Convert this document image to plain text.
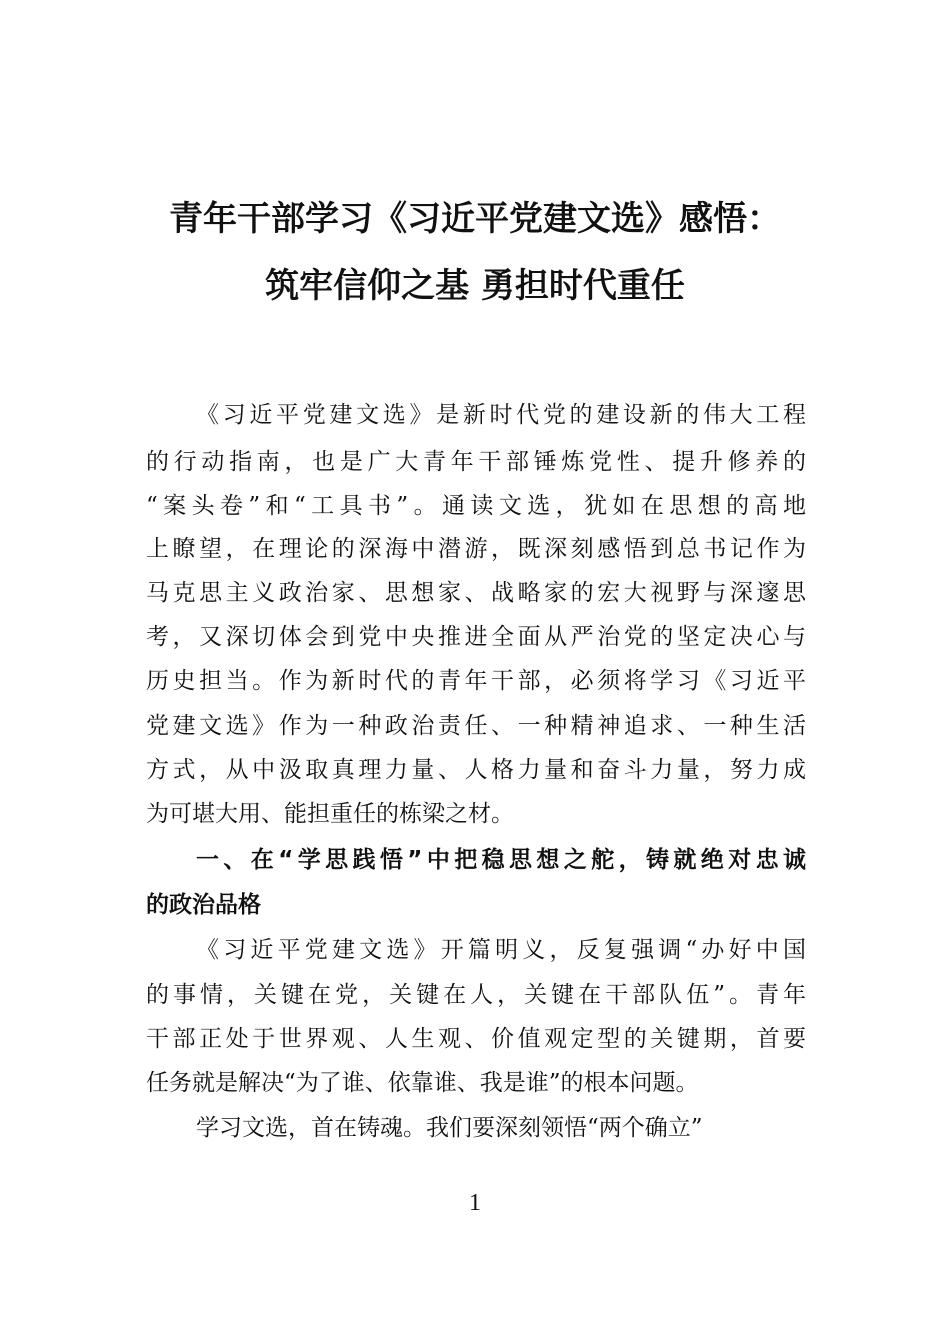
青年干部学习《习近平党建文选》感悟：
筑牢信仰之基 勇担时代重任
《习近平党建文选》是新时代党的建设新的伟大工程
的行动指南，也是广大青年干部锤炼党性、提升修养的
“案头卷”和“工具书”。通读文选，犹如在思想的高地
上瞭望，在理论的深海中潜游，既深刻感悟到总书记作为
马克思主义政治家、思想家、战略家的宏大视野与深邃思
考，又深切体会到党中央推进全面从严治党的坚定决心与
历史担当。作为新时代的青年干部，必须将学习《习近平
党建文选》作为一种政治责任、一种精神追求、一种生活
方式，从中汲取真理力量、人格力量和奋斗力量，努力成
为可堪大用、能担重任的栋梁之材。
一、在“学思践悟”中把稳思想之舵，铸就绝对忠诚
的政治品格
《习近平党建文选》开篇明义，反复强调“办好中国
的事情，关键在党，关键在人，关键在干部队伍”。青年
干部正处于世界观、人生观、价值观定型的关键期，首要
任务就是解决“为了谁、依靠谁、我是谁”的根本问题。
学习文选，首在铸魂。我们要深刻领悟“两个确立”
1
